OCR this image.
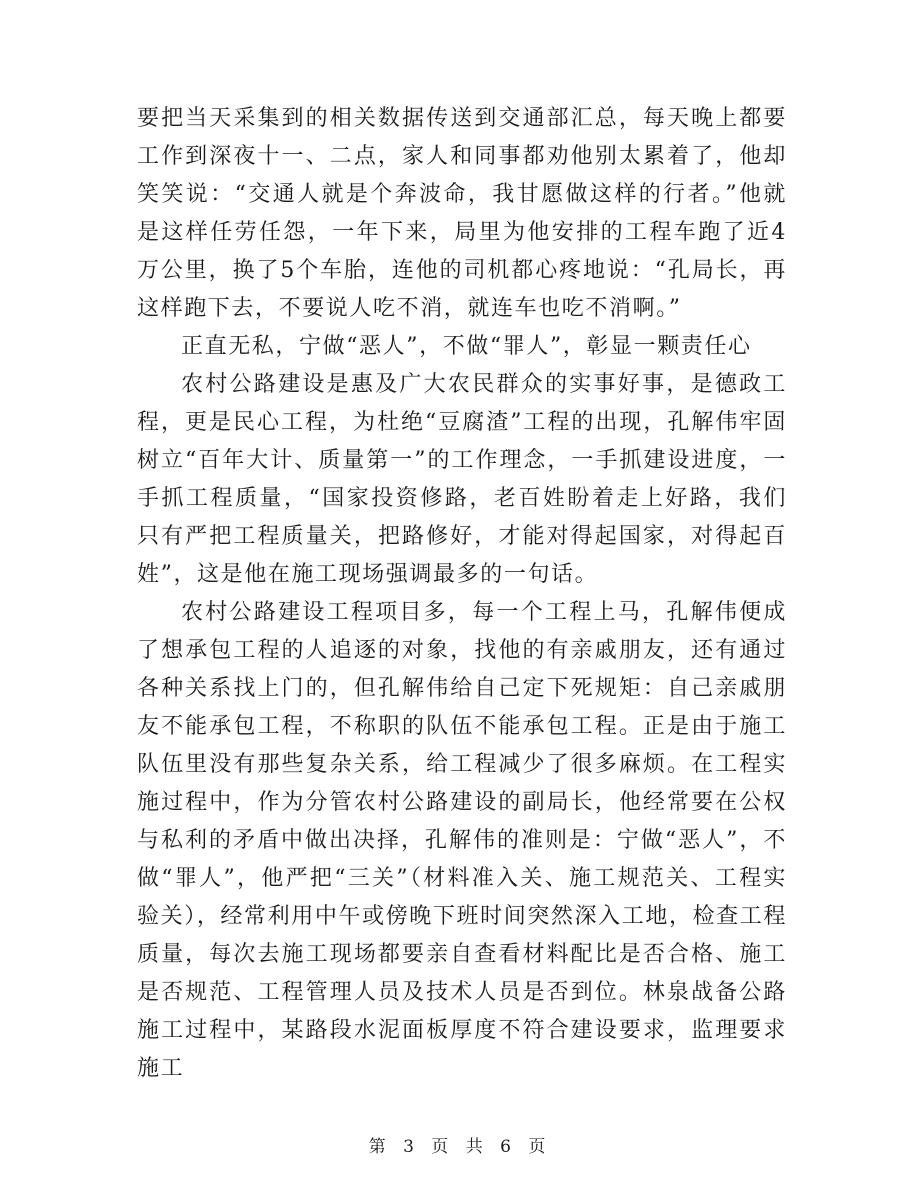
要把当天采集到的相关数据传送到交通部汇总，每天晚上都要工作到深夜十一、二点，家人和同事都劝他别太累着了，他却笑笑说：“交通人就是个奔波命，我甘愿做这样的行者。”他就是这样任劳任怨，一年下来，局里为他安排的工程车跑了近4万公里，换了5个车胎，连他的司机都心疼地说：“孔局长，再这样跑下去，不要说人吃不消，就连车也吃不消啊。”

正直无私，宁做“恶人”，不做“罪人”，彰显一颗责任心

农村公路建设是惠及广大农民群众的实事好事，是德政工程，更是民心工程，为杜绝“豆腐渣”工程的出现，孔解伟牢固树立“百年大计、质量第一”的工作理念，一手抓建设进度，一手抓工程质量，“国家投资修路，老百姓盼着走上好路，我们只有严把工程质量关，把路修好，才能对得起国家，对得起百姓”，这是他在施工现场强调最多的一句话。

农村公路建设工程项目多，每一个工程上马，孔解伟便成了想承包工程的人追逐的对象，找他的有亲戚朋友，还有通过各种关系找上门的，但孔解伟给自己定下死规矩：自己亲戚朋友不能承包工程，不称职的队伍不能承包工程。正是由于施工队伍里没有那些复杂关系，给工程减少了很多麻烦。在工程实施过程中，作为分管农村公路建设的副局长，他经常要在公权与私利的矛盾中做出决择，孔解伟的准则是：宁做“恶人”，不做“罪人”，他严把“三关”（材料准入关、施工规范关、工程实验关），经常利用中午或傍晚下班时间突然深入工地，检查工程质量，每次去施工现场都要亲自查看材料配比是否合格、施工是否规范、工程管理人员及技术人员是否到位。林泉战备公路施工过程中，某路段水泥面板厚度不符合建设要求，监理要求施工

第 3 页 共 6 页
